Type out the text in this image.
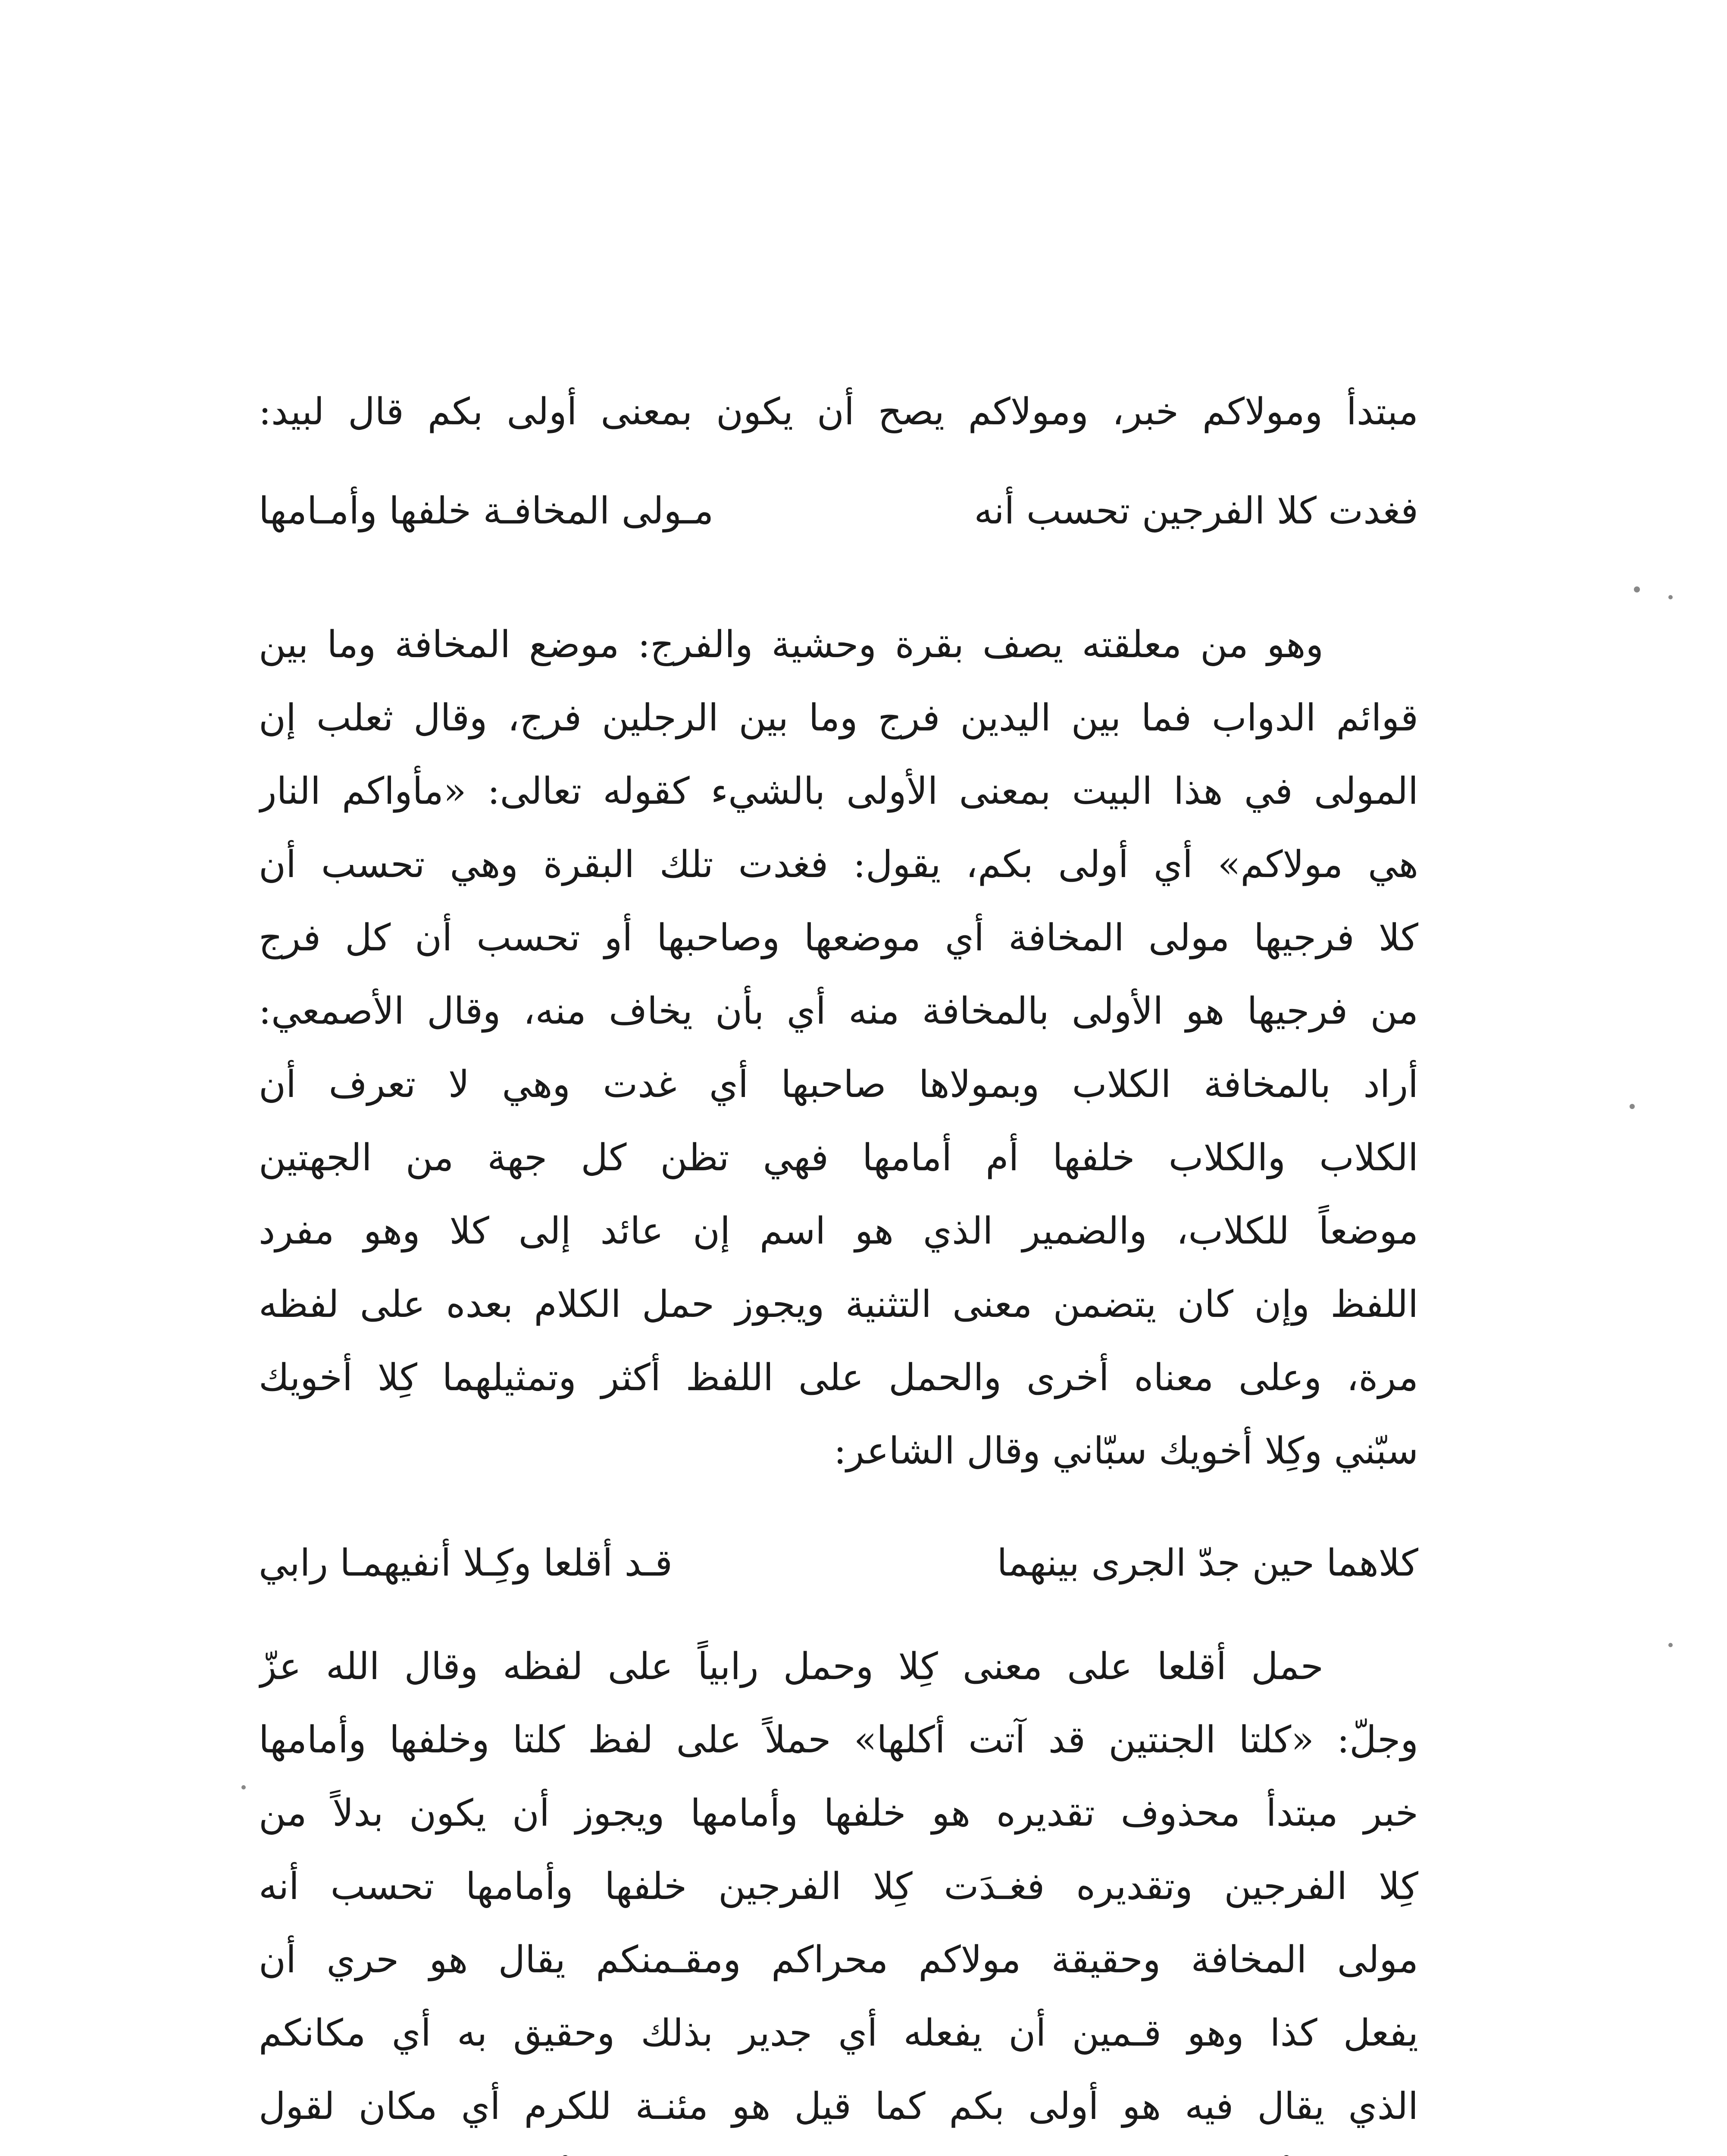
مبتدأ ومولاكم خبر، ومولاكم يصح أن يكون بمعنى أولى بكم قال لبيد:
فغدت كلا الفرجين تحسب أنه
مـولى المخافـة خلفها وأمـامها
وهو من معلقته يصف بقرة وحشية والفرج: موضع المخافة وما بين
قوائم الدواب فما بين اليدين فرج وما بين الرجلين فرج، وقال ثعلب إن
المولى في هذا البيت بمعنى الأولى بالشيء كقوله تعالى: «مأواكم النار
هي مولاكم» أي أولى بكم، يقول: فغدت تلك البقرة وهي تحسب أن
كلا فرجيها مولى المخافة أي موضعها وصاحبها أو تحسب أن كل فرج
من فرجيها هو الأولى بالمخافة منه أي بأن يخاف منه، وقال الأصمعي:
أراد بالمخافة الكلاب وبمولاها صاحبها أي غدت وهي لا تعرف أن
الكلاب والكلاب خلفها أم أمامها فهي تظن كل جهة من الجهتين
موضعاً للكلاب، والضمير الذي هو اسم إن عائد إلى كلا وهو مفرد
اللفظ وإن كان يتضمن معنى التثنية ويجوز حمل الكلام بعده على لفظه
مرة، وعلى معناه أخرى والحمل على اللفظ أكثر وتمثيلهما كِلا أخويك
سبّني وكِلا أخويك سبّاني وقال الشاعر:
كلاهما حين جدّ الجرى بينهما
قـد أقلعا وكِـلا أنفيهمـا رابي
حمل أقلعا على معنى كِلا وحمل رابياً على لفظه وقال الله عزّ
وجلّ: «كلتا الجنتين قد آتت أكلها» حملاً على لفظ كلتا وخلفها وأمامها
خبر مبتدأ محذوف تقديره هو خلفها وأمامها ويجوز أن يكون بدلاً من
كِلا الفرجين وتقديره فغـدَت كِلا الفرجين خلفها وأمامها تحسب أنه
مولى المخافة وحقيقة مولاكم محراكم ومقـمنكم يقال هو حري أن
يفعل كذا وهو قـمين أن يفعله أي جدير بذلك وحقيق به أي مكانكم
الذي يقال فيه هو أولى بكم كما قيل هو مئنـة للكرم أي مكان لقول
